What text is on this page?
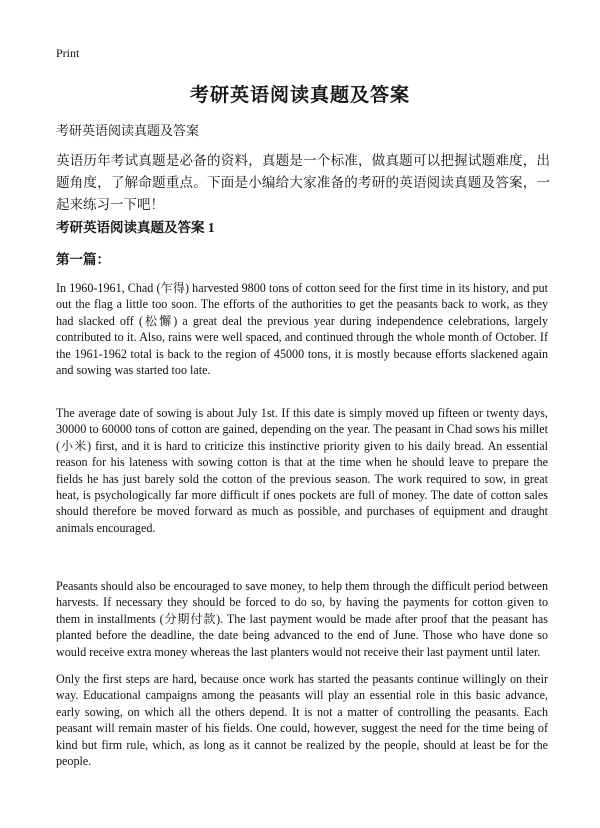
Print
考研英语阅读真题及答案
考研英语阅读真题及答案
英语历年考试真题是必备的资料，真题是一个标准，做真题可以把握试题难度，出题角度，了解命题重点。下面是小编给大家准备的考研的英语阅读真题及答案，一起来练习一下吧！
考研英语阅读真题及答案 1
第一篇：

In 1960-1961, Chad (乍得) harvested 9800 tons of cotton seed for the first time in its history, and put out the flag a little too soon. The efforts of the authorities to get the peasants back to work, as they had slacked off (松懈) a great deal the previous year during independence celebrations, largely contributed to it. Also, rains were well spaced, and continued through the whole month of October. If the 1961-1962 total is back to the region of 45000 tons, it is mostly because efforts slackened again and sowing was started too late.

The average date of sowing is about July 1st. If this date is simply moved up fifteen or twenty days, 30000 to 60000 tons of cotton are gained, depending on the year. The peasant in Chad sows his millet (小米) first, and it is hard to criticize this instinctive priority given to his daily bread. An essential reason for his lateness with sowing cotton is that at the time when he should leave to prepare the fields he has just barely sold the cotton of the previous season. The work required to sow, in great heat, is psychologically far more difficult if ones pockets are full of money. The date of cotton sales should therefore be moved forward as much as possible, and purchases of equipment and draught animals encouraged.

Peasants should also be encouraged to save money, to help them through the difficult period between harvests. If necessary they should be forced to do so, by having the payments for cotton given to them in installments (分期付款). The last payment would be made after proof that the peasant has planted before the deadline, the date being advanced to the end of June. Those who have done so would receive extra money whereas the last planters would not receive their last payment until later.

Only the first steps are hard, because once work has started the peasants continue willingly on their way. Educational campaigns among the peasants will play an essential role in this basic advance, early sowing, on which all the others depend. It is not a matter of controlling the peasants. Each peasant will remain master of his fields. One could, however, suggest the need for the time being of kind but firm rule, which, as long as it cannot be realized by the people, should at least be for the people.
